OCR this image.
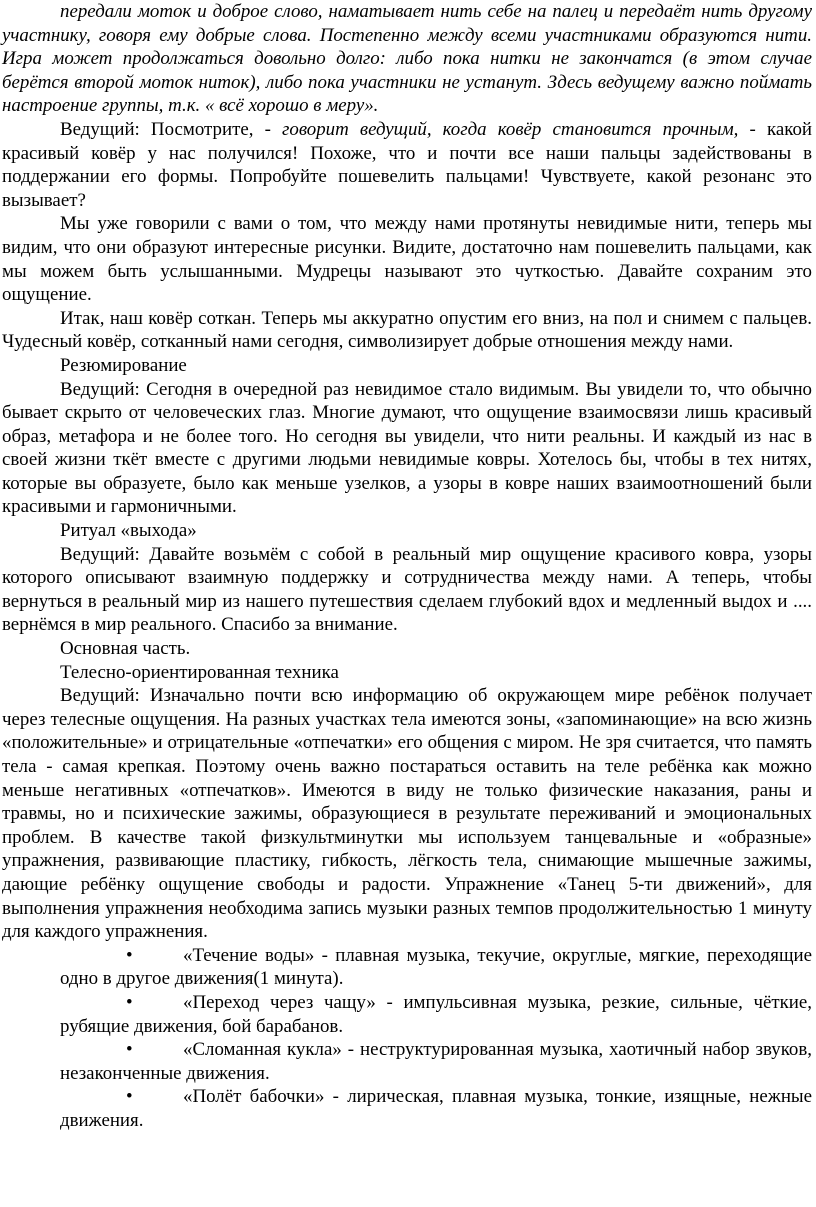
передали моток и доброе слово, наматывает нить себе на палец и передаёт нить другому участнику, говоря ему добрые слова. Постепенно между всеми участниками образуются нити. Игра может продолжаться довольно долго: либо пока нитки не закончатся (в этом случае берётся второй моток ниток), либо пока участники не устанут. Здесь ведущему важно поймать настроение группы, т.к. « всё хорошо в меру».

Ведущий: Посмотрите, - говорит ведущий, когда ковёр становится прочным, - какой красивый ковёр у нас получился! Похоже, что и почти все наши пальцы задействованы в поддержании его формы. Попробуйте пошевелить пальцами! Чувствуете, какой резонанс это вызывает?

Мы уже говорили с вами о том, что между нами протянуты невидимые нити, теперь мы видим, что они образуют интересные рисунки. Видите, достаточно нам пошевелить пальцами, как мы можем быть услышанными. Мудрецы называют это чуткостью. Давайте сохраним это ощущение.

Итак, наш ковёр соткан. Теперь мы аккуратно опустим его вниз, на пол и снимем с пальцев. Чудесный ковёр, сотканный нами сегодня, символизирует добрые отношения между нами.

Резюмирование

Ведущий: Сегодня в очередной раз невидимое стало видимым. Вы увидели то, что обычно бывает скрыто от человеческих глаз. Многие думают, что ощущение взаимосвязи лишь красивый образ, метафора и не более того. Но сегодня вы увидели, что нити реальны. И каждый из нас в своей жизни ткёт вместе с другими людьми невидимые ковры. Хотелось бы, чтобы в тех нитях, которые вы образуете, было как меньше узелков, а узоры в ковре наших взаимоотношений были красивыми и гармоничными.

Ритуал «выхода»

Ведущий: Давайте возьмём с собой в реальный мир ощущение красивого ковра, узоры которого описывают взаимную поддержку и сотрудничества между нами. А теперь, чтобы вернуться в реальный мир из нашего путешествия сделаем глубокий вдох и медленный выдох и .... вернёмся в мир реального. Спасибо за внимание.

Основная часть.

Телесно-ориентированная техника

Ведущий: Изначально почти всю информацию об окружающем мире ребёнок получает через телесные ощущения. На разных участках тела имеются зоны, «запоминающие» на всю жизнь «положительные» и отрицательные «отпечатки» его общения с миром. Не зря считается, что память тела - самая крепкая. Поэтому очень важно постараться оставить на теле ребёнка как можно меньше негативных «отпечатков». Имеются в виду не только физические наказания, раны и травмы, но и психические зажимы, образующиеся в результате переживаний и эмоциональных проблем. В качестве такой физкультминутки мы используем танцевальные и «образные» упражнения, развивающие пластику, гибкость, лёгкость тела, снимающие мышечные зажимы, дающие ребёнку ощущение свободы и радости. Упражнение «Танец 5-ти движений», для выполнения упражнения необходима запись музыки разных темпов продолжительностью 1 минуту для каждого упражнения.

•	«Течение воды» - плавная музыка, текучие, округлые, мягкие, переходящие одно в другое движения(1 минута).

•	«Переход через чащу» - импульсивная музыка, резкие, сильные, чёткие, рубящие движения, бой барабанов.

•	«Сломанная кукла» - неструктурированная музыка, хаотичный набор звуков, незаконченные движения.

•	«Полёт бабочки» - лирическая, плавная музыка, тонкие, изящные, нежные движения.
